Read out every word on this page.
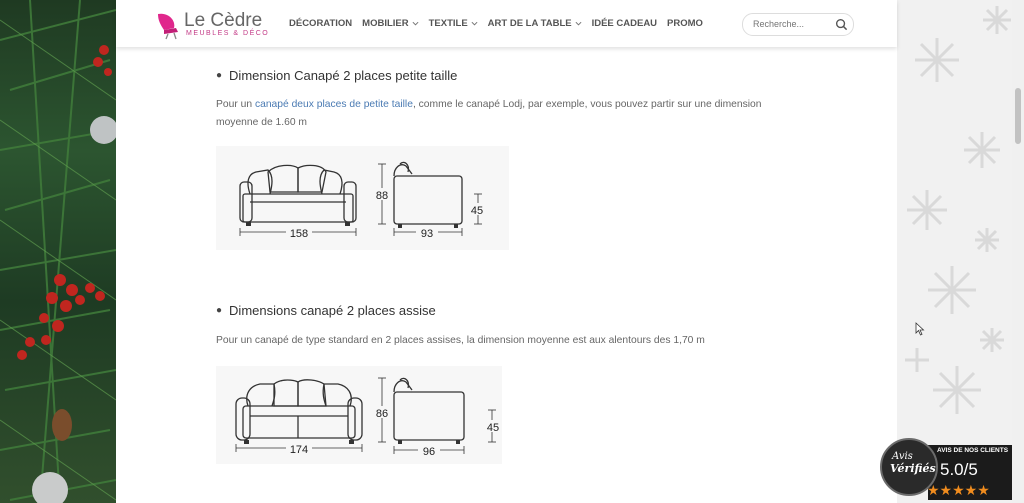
● Dimension Canapé 2 places petite taille
Pour un canapé deux places de petite taille, comme le canapé Lodj, par exemple, vous pouvez partir sur une dimension
moyenne de 1.60 m
158
88
45
93
● Dimensions canapé 2 places assise
Pour un canapé de type standard en 2 places assises, la dimension moyenne est aux alentours des 1,70 m
174
86
45
96
Le Cèdre
MEUBLES & DÉCO
DÉCORATION MOBILIER TEXTILE ART DE LA TABLE IDÉE CADEAU PROMO
Recherche...
AVIS DE NOS CLIENTS
5.0/5
★★★★★
Avis
Vérifiés
